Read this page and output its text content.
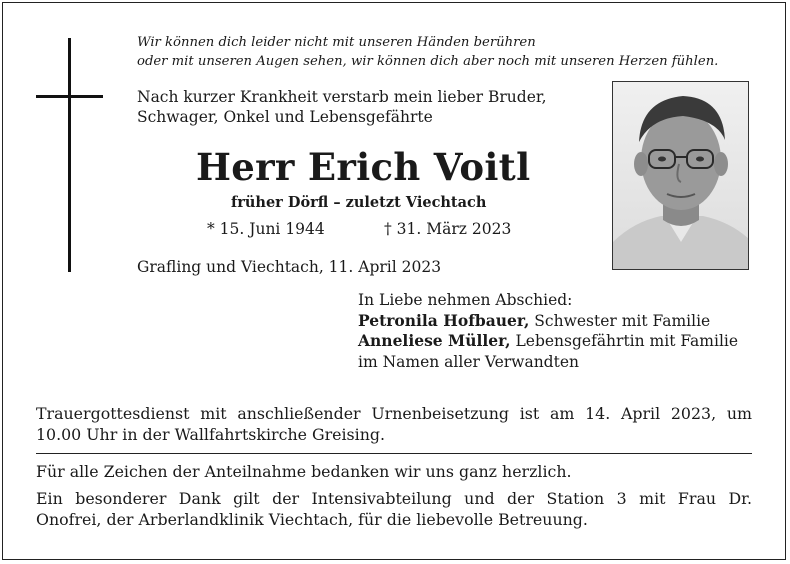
Wir können dich leider nicht mit unseren Händen berühren
oder mit unseren Augen sehen, wir können dich aber noch mit unseren Herzen fühlen.
Nach kurzer Krankheit verstarb mein lieber Bruder,
Schwager, Onkel und Lebensgefährte
Herr Erich Voitl
früher Dörfl – zuletzt Viechtach
* 15. Juni 1944	† 31. März 2023
Grafling und Viechtach, 11. April 2023
In Liebe nehmen Abschied:
Petronila Hofbauer, Schwester mit Familie
Anneliese Müller, Lebensgefährtin mit Familie
im Namen aller Verwandten
Trauergottesdienst mit anschließender Urnenbeisetzung ist am 14. April 2023, um
10.00 Uhr in der Wallfahrtskirche Greising.
Für alle Zeichen der Anteilnahme bedanken wir uns ganz herzlich.
Ein besonderer Dank gilt der Intensivabteilung und der Station 3 mit Frau Dr.
Onofrei, der Arberlandklinik Viechtach, für die liebevolle Betreuung.
